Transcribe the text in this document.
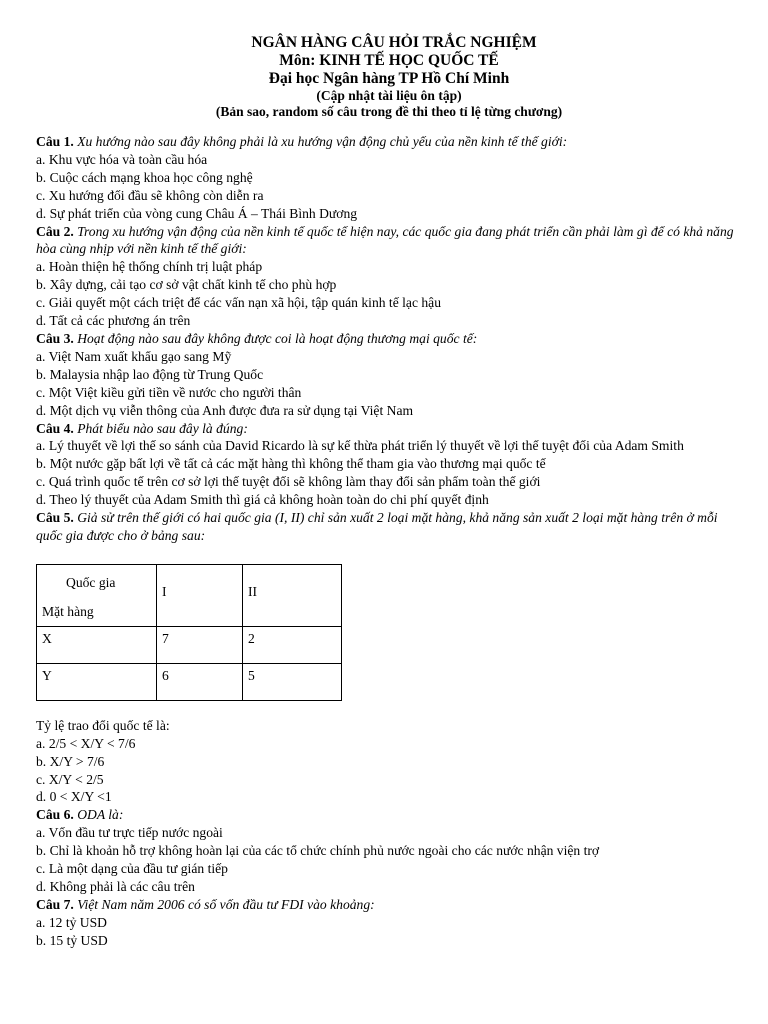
NGÂN HÀNG CÂU HỎI TRẮC NGHIỆM
Môn: KINH TẾ HỌC QUỐC TẾ
Đại học Ngân hàng TP Hồ Chí Minh
(Cập nhật tài liệu ôn tập)
(Bản sao, random số câu trong đề thi theo tỉ lệ từng chương)
Câu 1. Xu hướng nào sau đây không phải là xu hướng vận động chủ yếu của nền kinh tế thế giới:
a. Khu vực hóa và toàn cầu hóa
b. Cuộc cách mạng khoa học công nghệ
c. Xu hướng đối đầu sẽ không còn diễn ra
d. Sự phát triển của vòng cung Châu Á – Thái Bình Dương
Câu 2. Trong xu hướng vận động của nền kinh tế quốc tế hiện nay, các quốc gia đang phát triển cần phải làm gì để có khả năng hòa cùng nhịp với nền kinh tế thế giới:
a. Hoàn thiện hệ thống chính trị luật pháp
b. Xây dựng, cải tạo cơ sở vật chất kinh tế cho phù hợp
c. Giải quyết một cách triệt để các vấn nạn xã hội, tập quán kinh tế lạc hậu
d. Tất cả các phương án trên
Câu 3. Hoạt động nào sau đây không được coi là hoạt động thương mại quốc tế:
a. Việt Nam xuất khẩu gạo sang Mỹ
b. Malaysia nhập lao động từ Trung Quốc
c. Một Việt kiều gửi tiền về nước cho người thân
d. Một dịch vụ viễn thông của Anh được đưa ra sử dụng tại Việt Nam
Câu 4. Phát biểu nào sau đây là đúng:
a. Lý thuyết về lợi thế so sánh của David Ricardo là sự kế thừa phát triển lý thuyết về lợi thế tuyệt đối của Adam Smith
b. Một nước gặp bất lợi về tất cả các mặt hàng thì không thể tham gia vào thương mại quốc tế
c. Quá trình quốc tế trên cơ sở lợi thế tuyệt đối sẽ không làm thay đổi sản phẩm toàn thế giới
d. Theo lý thuyết của Adam Smith thì giá cả không hoàn toàn do chi phí quyết định
Câu 5. Giả sử trên thế giới có hai quốc gia (I, II) chỉ sản xuất 2 loại mặt hàng, khả năng sản xuất 2 loại mặt hàng trên ở mỗi quốc gia được cho ở bảng sau:
Quốc gia
Mặt hàng	I	II

X	7	2
Y	6	5
Tỷ lệ trao đổi quốc tế là:
a. 2/5 < X/Y < 7/6
b. X/Y > 7/6
c. X/Y < 2/5
d. 0 < X/Y <1
Câu 6. ODA là:
a. Vốn đầu tư trực tiếp nước ngoài
b. Chỉ là khoản hỗ trợ không hoàn lại của các tổ chức chính phủ nước ngoài cho các nước nhận viện trợ
c. Là một dạng của đầu tư gián tiếp
d. Không phải là các câu trên
Câu 7. Việt Nam năm 2006 có số vốn đầu tư FDI vào khoảng:
a. 12 tỷ USD
b. 15 tỷ USD
